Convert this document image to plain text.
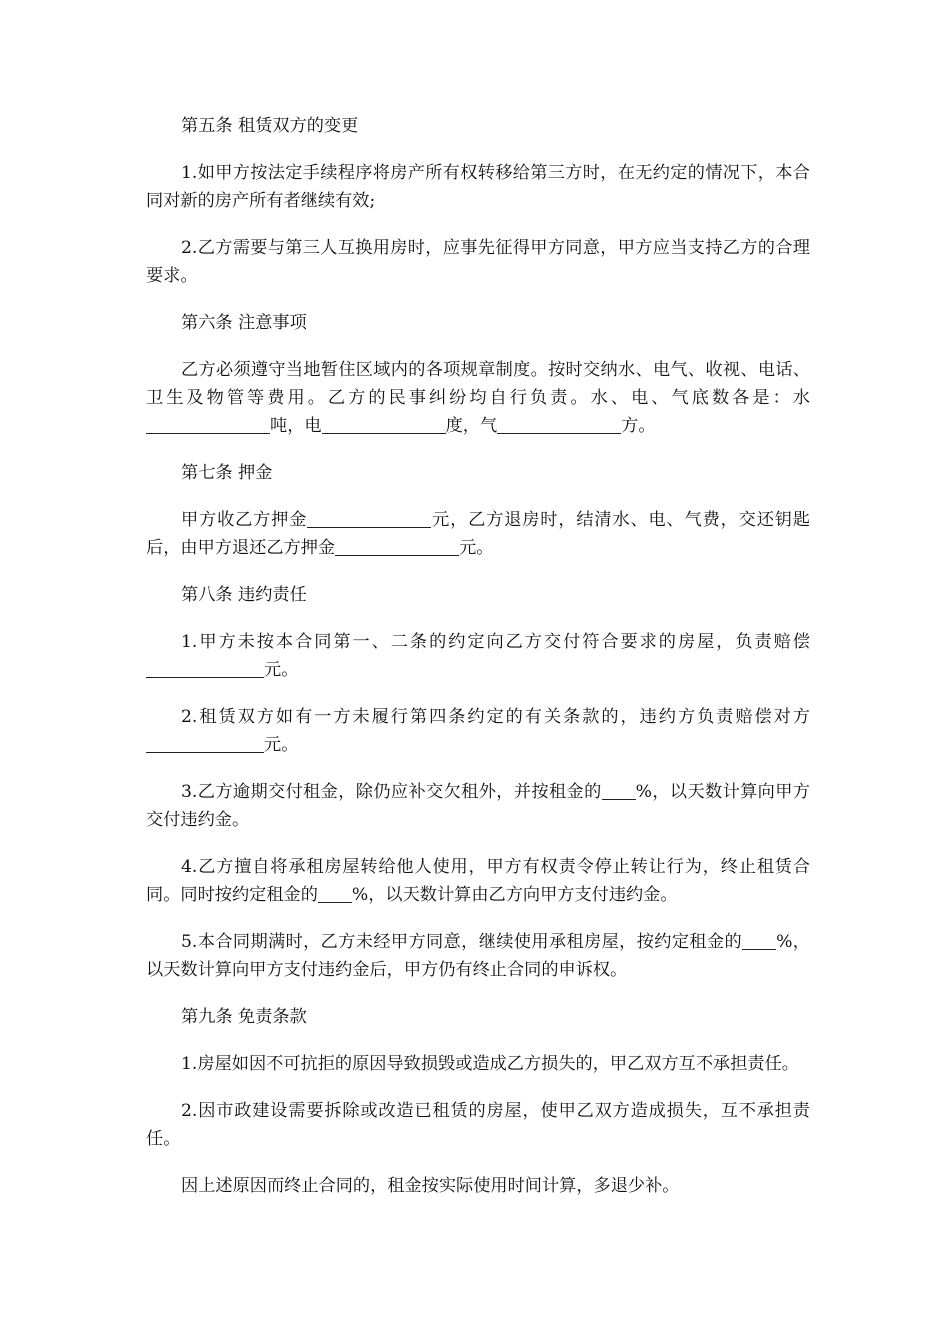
第五条 租赁双方的变更

1.如甲方按法定手续程序将房产所有权转移给第三方时，在无约定的情况下，本合同对新的房产所有者继续有效;

2.乙方需要与第三人互换用房时，应事先征得甲方同意，甲方应当支持乙方的合理要求。

第六条 注意事项

乙方必须遵守当地暂住区域内的各项规章制度。按时交纳水、电气、收视、电话、卫生及物管等费用。乙方的民事纠纷均自行负责。水、电、气底数各是：水吨，电	度，气	方。

第七条 押金

甲方收乙方押金	元，乙方退房时，结清水、电、气费，交还钥匙后，由甲方退还乙方押金	元。

第八条 违约责任

1.甲方未按本合同第一、二条的约定向乙方交付符合要求的房屋，负责赔偿元。

2.租赁双方如有一方未履行第四条约定的有关条款的，违约方负责赔偿对方元。

3.乙方逾期交付租金，除仍应补交欠租外，并按租金的 %，以天数计算向甲方交付违约金。

4.乙方擅自将承租房屋转给他人使用，甲方有权责令停止转让行为，终止租赁合同。同时按约定租金的 %，以天数计算由乙方向甲方支付违约金。

5.本合同期满时，乙方未经甲方同意，继续使用承租房屋，按约定租金的 %，以天数计算向甲方支付违约金后，甲方仍有终止合同的申诉权。

第九条 免责条款

1.房屋如因不可抗拒的原因导致损毁或造成乙方损失的，甲乙双方互不承担责任。

2.因市政建设需要拆除或改造已租赁的房屋，使甲乙双方造成损失，互不承担责任。

因上述原因而终止合同的，租金按实际使用时间计算，多退少补。
